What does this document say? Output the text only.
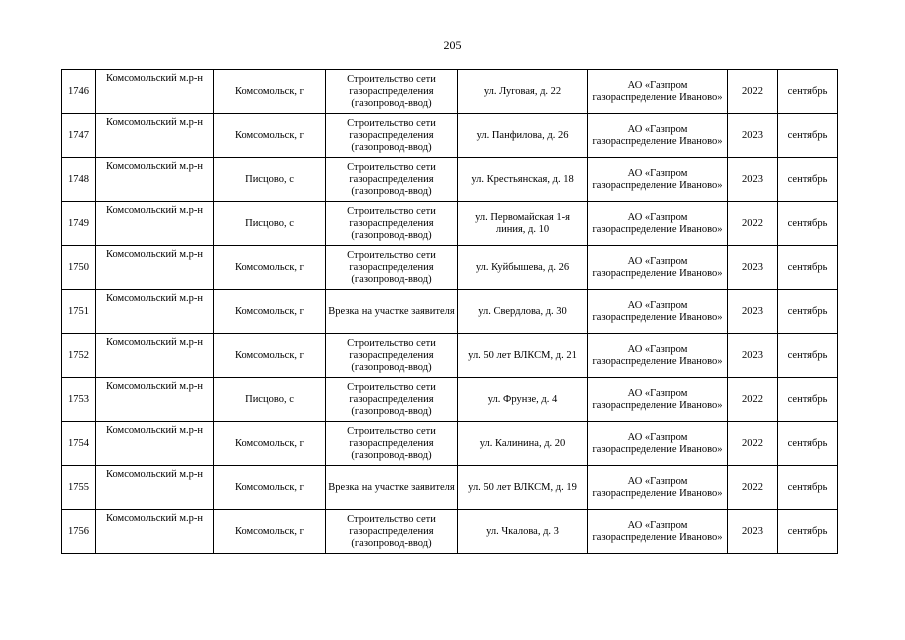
205
1746	Комсомольский м.р-н	Комсомольск, г	Строительство сети газораспределения (газопровод-ввод)	ул. Луговая, д. 22	АО «Газпром газораспределение Иваново»	2022	сентябрь
1747	Комсомольский м.р-н	Комсомольск, г	Строительство сети газораспределения (газопровод-ввод)	ул. Панфилова, д. 26	АО «Газпром газораспределение Иваново»	2023	сентябрь
1748	Комсомольский м.р-н	Писцово, с	Строительство сети газораспределения (газопровод-ввод)	ул. Крестьянская, д. 18	АО «Газпром газораспределение Иваново»	2023	сентябрь
1749	Комсомольский м.р-н	Писцово, с	Строительство сети газораспределения (газопровод-ввод)	ул. Первомайская 1-я линия, д. 10	АО «Газпром газораспределение Иваново»	2022	сентябрь
1750	Комсомольский м.р-н	Комсомольск, г	Строительство сети газораспределения (газопровод-ввод)	ул. Куйбышева, д. 26	АО «Газпром газораспределение Иваново»	2023	сентябрь
1751	Комсомольский м.р-н	Комсомольск, г	Врезка на участке заявителя	ул. Свердлова, д. 30	АО «Газпром газораспределение Иваново»	2023	сентябрь
1752	Комсомольский м.р-н	Комсомольск, г	Строительство сети газораспределения (газопровод-ввод)	ул. 50 лет ВЛКСМ, д. 21	АО «Газпром газораспределение Иваново»	2023	сентябрь
1753	Комсомольский м.р-н	Писцово, с	Строительство сети газораспределения (газопровод-ввод)	ул. Фрунзе, д. 4	АО «Газпром газораспределение Иваново»	2022	сентябрь
1754	Комсомольский м.р-н	Комсомольск, г	Строительство сети газораспределения (газопровод-ввод)	ул. Калинина, д. 20	АО «Газпром газораспределение Иваново»	2022	сентябрь
1755	Комсомольский м.р-н	Комсомольск, г	Врезка на участке заявителя	ул. 50 лет ВЛКСМ, д. 19	АО «Газпром газораспределение Иваново»	2022	сентябрь
1756	Комсомольский м.р-н	Комсомольск, г	Строительство сети газораспределения (газопровод-ввод)	ул. Чкалова, д. 3	АО «Газпром газораспределение Иваново»	2023	сентябрь
